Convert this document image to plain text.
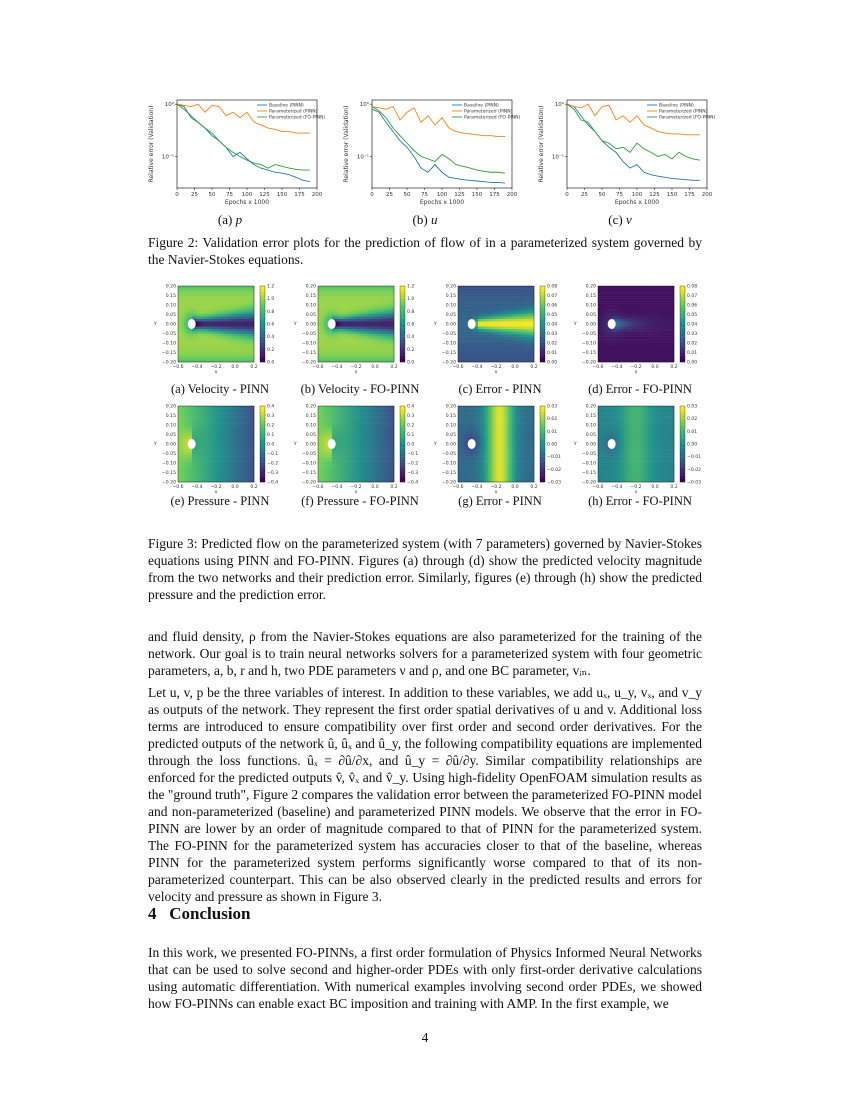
10⁰
10⁻¹
0 25 50 75 100 125 150 175 200
Epochs x 1000
Relative error (Validation)	Baseline (PINN)
Parameterized (PINN)
Parameterized (FO-PINN)
10⁰
10⁻¹
0 25 50 75 100 125 150 175 200
Epochs x 1000
Relative error (Validation)	Baseline (PINN)
Parameterized (PINN)
Parameterized (FO-PINN)
10⁰
10⁻¹
0 25 50 75 100 125 150 175 200
Epochs x 1000
Relative error (Validation)	Baseline (PINN)
Parameterized (PINN)
Parameterized (FO-PINN)
(a) p	(b) u	(c) v
Figure 2: Validation error plots for the prediction of flow of in a parameterized system governed by the Navier-Stokes equations.
0.20
0.15
0.10
0.05
0.00
−0.05
−0.10
−0.15
−0.20
y
−0.6 −0.4 −0.2 0.0	0.2
x
1.2
1.0
0.8
0.6
0.4
0.2
0.0
0.20
0.15
0.10
0.05
0.00
−0.05
−0.10
−0.15
−0.20
y
−0.6 −0.4 −0.2 0.0	0.2
x
1.2
1.0
0.8
0.6
0.4
0.2
0.0
0.20
0.15
0.10
0.05
0.00
−0.05
−0.10
−0.15
−0.20
y
−0.6 −0.4 −0.2 0.0	0.2
x
0.08
0.07
0.06
0.05
0.04
0.03
0.02
0.01
0.00
0.20
0.15
0.10
0.05
0.00
−0.05
−0.10
−0.15
−0.20
y
−0.6 −0.4 −0.2 0.0	0.2
x
0.08
0.07
0.06
0.05
0.04
0.03
0.02
0.01
0.00
(a) Velocity - PINN	(b) Velocity - FO-PINN	(c) Error - PINN	(d) Error - FO-PINN
0.20
0.15
0.10
0.05
0.00
−0.05
−0.10
−0.15
−0.20
y
−0.6 −0.4 −0.2 0.0	0.2
x
0.4
0.3
0.2
0.1
0.0
−0.1
−0.2
−0.3
−0.4
0.20
0.15
0.10
0.05
0.00
−0.05
−0.10
−0.15
−0.20
y
−0.6 −0.4 −0.2 0.0	0.2
x
0.4
0.3
0.2
0.1
0.0
−0.1
−0.2
−0.3
−0.4
0.20
0.15
0.10
0.05
0.00
−0.05
−0.10
−0.15
−0.20
y
−0.6 −0.4 −0.2 0.0	0.2
x
0.03
0.02
0.01
0.00
−0.01
−0.02
−0.03
0.20
0.15
0.10
0.05
0.00
−0.05
−0.10
−0.15
−0.20
y
−0.6 −0.4 −0.2 0.0	0.2
x
0.03
0.02
0.01
0.00
−0.01
−0.02
−0.03
(e) Pressure - PINN	(f) Pressure - FO-PINN	(g) Error - PINN	(h) Error - FO-PINN
Figure 3: Predicted flow on the parameterized system (with 7 parameters) governed by Navier-Stokes equations using PINN and FO-PINN. Figures (a) through (d) show the predicted velocity magnitude from the two networks and their prediction error. Similarly, figures (e) through (h) show the predicted pressure and the prediction error.
and fluid density, ρ from the Navier-Stokes equations are also parameterized for the training of the network. Our goal is to train neural networks solvers for a parameterized system with four geometric parameters, a, b, r and h, two PDE parameters ν and ρ, and one BC parameter, vᵢₙ.
Let u, v, p be the three variables of interest. In addition to these variables, we add uₓ, u_y, vₓ, and v_y as outputs of the network. They represent the first order spatial derivatives of u and v. Additional loss terms are introduced to ensure compatibility over first order and second order derivatives. For the predicted outputs of the network û, ûₓ and û_y, the following compatibility equations are implemented through the loss functions. ûₓ = ∂û/∂x, and û_y = ∂û/∂y. Similar compatibility relationships are enforced for the predicted outputs v̂, v̂ₓ and v̂_y. Using high-fidelity OpenFOAM simulation results as the "ground truth", Figure 2 compares the validation error between the parameterized FO-PINN model and non-parameterized (baseline) and parameterized PINN models. We observe that the error in FO-PINN are lower by an order of magnitude compared to that of PINN for the parameterized system. The FO-PINN for the parameterized system has accuracies closer to that of the baseline, whereas PINN for the parameterized system performs significantly worse compared to that of its non-parameterized counterpart. This can be also observed clearly in the predicted results and errors for velocity and pressure as shown in Figure 3.
4 Conclusion
In this work, we presented FO-PINNs, a first order formulation of Physics Informed Neural Networks that can be used to solve second and higher-order PDEs with only first-order derivative calculations using automatic differentiation. With numerical examples involving second order PDEs, we showed how FO-PINNs can enable exact BC imposition and training with AMP. In the first example, we
4
